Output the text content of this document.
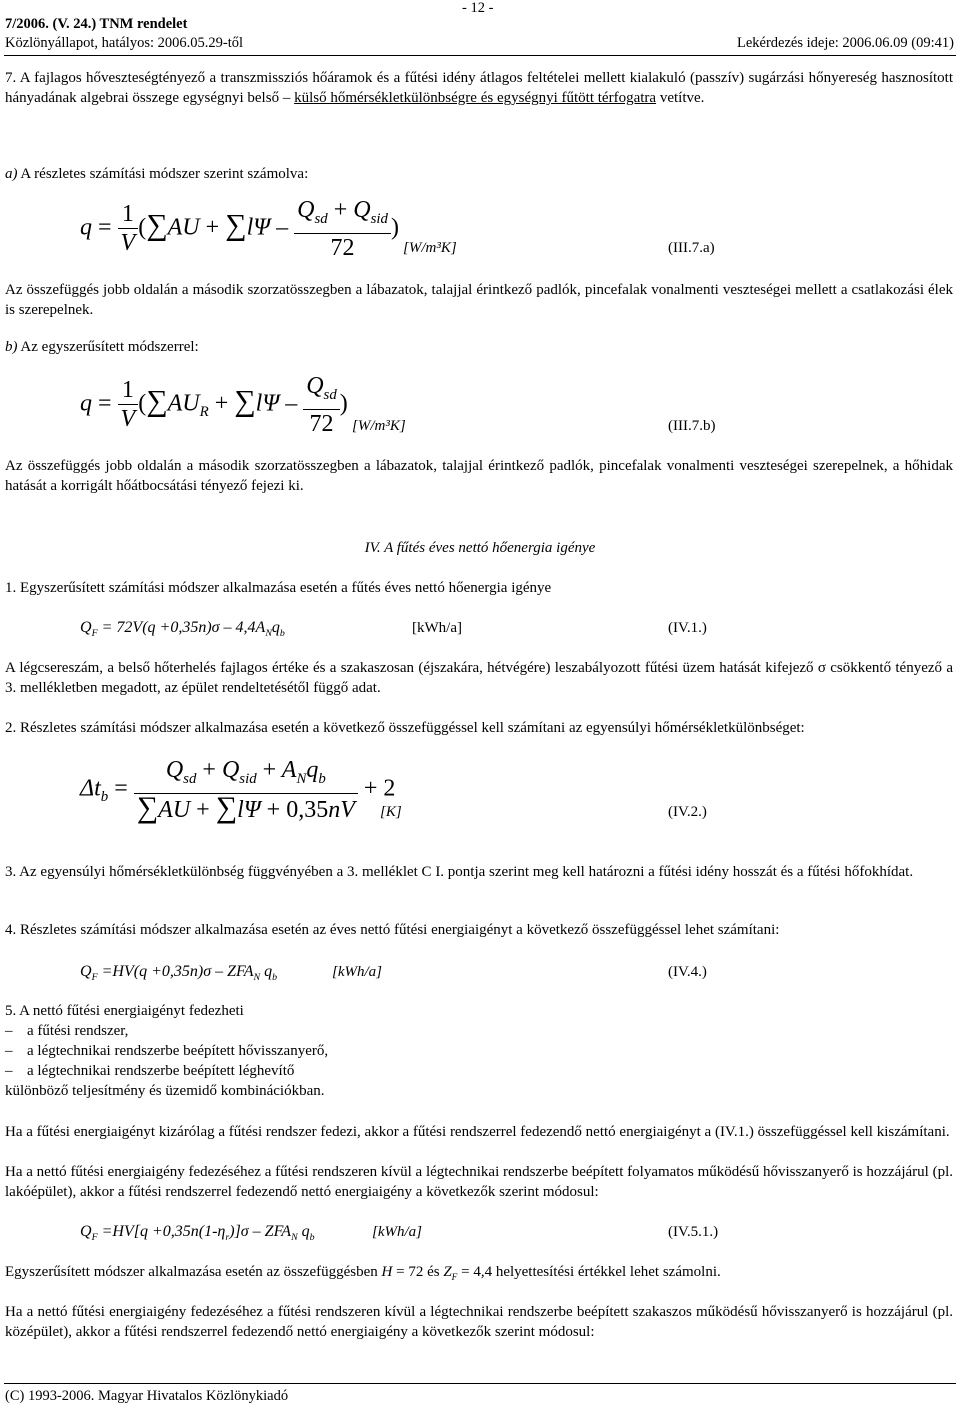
- 12 -
7/2006. (V. 24.) TNM rendelet
Közlönyállapot, hatályos: 2006.05.29-től	Lekérdezés ideje: 2006.06.09 (09:41)
7. A fajlagos hőveszteségtényező a transzmissziós hőáramok és a fűtési idény átlagos feltételei mellett kialakuló (passzív) sugárzási hőnyereség hasznosított hányadának algebrai összege egységnyi belső – külső hőmérsékletkülönbségre és egységnyi fűtött térfogatra vetítve.
a) A részletes számítási módszer szerint számolva:
$q = \frac{1}{V} (\sum AU + \sum l\Psi - \frac{Q_{sd} + Q_{sid}}{72}$ )
[W/m³K]	(III.7.a)
Az összefüggés jobb oldalán a második szorzatösszegben a lábazatok, talajjal érintkező padlók, pincefalak vonalmenti veszteségei mellett a csatlakozási élek is szerepelnek.
b) Az egyszerűsített módszerrel:
$q = \frac{1}{V} (\sum AU_R + \sum l\Psi - \frac{Q_{sd}}{72}$ )
[W/m³K]	(III.7.b)
Az összefüggés jobb oldalán a második szorzatösszegben a lábazatok, talajjal érintkező padlók, pincefalak vonalmenti veszteségei szerepelnek, a hőhidak hatását a korrigált hőátbocsátási tényező fejezi ki.
IV. A fűtés éves nettó hőenergia igénye
1. Egyszerűsített számítási módszer alkalmazása esetén a fűtés éves nettó hőenergia igénye
$Q_F = 72V(q +0,35n)\sigma - 4,4A_Nq_b$	[kWh/a]	(IV.1.)
A légcsereszám, a belső hőterhelés fajlagos értéke és a szakaszosan (éjszakára, hétvégére) leszabályozott fűtési üzem hatását kifejező σ csökkentő tényező a 3. mellékletben megadott, az épület rendeltetésétől függő adat.
2. Részletes számítási módszer alkalmazása esetén a következő összefüggéssel kell számítani az egyensúlyi hőmérsékletkülönbséget:
$\Delta t_b = \frac{Q_{sd} + Q_{sid} + A_Nq_b}{\sum AU + \sum l\Psi + 0,35nV} + 2$
[K]	(IV.2.)
3. Az egyensúlyi hőmérsékletkülönbség függvényében a 3. melléklet C I. pontja szerint meg kell határozni a fűtési idény hosszát és a fűtési hőfokhídat.
4. Részletes számítási módszer alkalmazása esetén az éves nettó fűtési energiaigényt a következő összefüggéssel lehet számítani:
$Q_F =HV(q +0,35n)\sigma - ZFA_N$ $q_b$	[kWh/a]	(IV.4.)
5. A nettó fűtési energiaigényt fedezheti
– a fűtési rendszer,
– a légtechnikai rendszerbe beépített hővisszanyerő,
– a légtechnikai rendszerbe beépített léghevítő
különböző teljesítmény és üzemidő kombinációkban.
Ha a fűtési energiaigényt kizárólag a fűtési rendszer fedezi, akkor a fűtési rendszerrel fedezendő nettó energiaigényt a (IV.1.) összefüggéssel kell kiszámítani.
Ha a nettó fűtési energiaigény fedezéséhez a fűtési rendszeren kívül a légtechnikai rendszerbe beépített folyamatos működésű hővisszanyerő is hozzájárul (pl. lakóépület), akkor a fűtési rendszerrel fedezendő nettó energiaigény a következők szerint módosul:
$Q_F =HV[q +0,35n(1-\eta_r)]\sigma - ZFA_N$ $q_b$	[kWh/a]	(IV.5.1.)
Egyszerűsített módszer alkalmazása esetén az összefüggésben H = 72 és $Z_F = 4,4$ helyettesítési értékkel lehet számolni.
Ha a nettó fűtési energiaigény fedezéséhez a fűtési rendszeren kívül a légtechnikai rendszerbe beépített szakaszos működésű hővisszanyerő is hozzájárul (pl. középület), akkor a fűtési rendszerrel fedezendő nettó energiaigény a következők szerint módosul:
(C) 1993-2006. Magyar Hivatalos Közlönykiadó
